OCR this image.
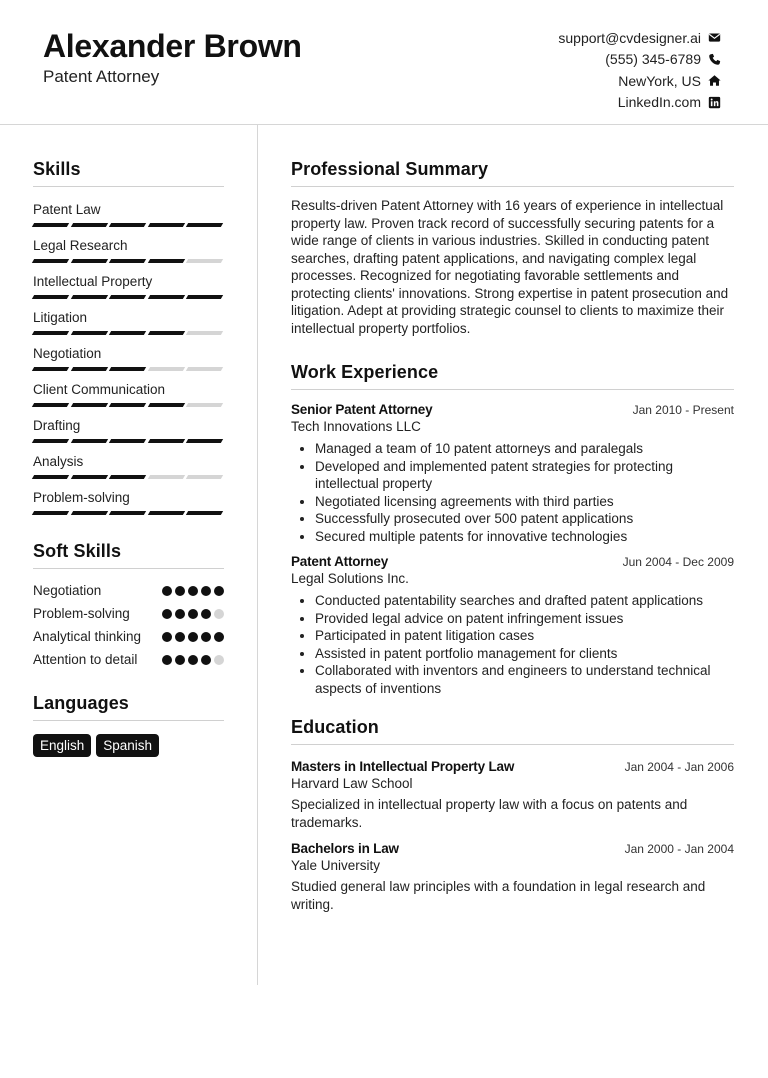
Alexander Brown
Patent Attorney
support@cvdesigner.ai
(555) 345-6789
NewYork, US
LinkedIn.com
Skills
Patent Law
Legal Research
Intellectual Property
Litigation
Negotiation
Client Communication
Drafting
Analysis
Problem-solving
Soft Skills
Negotiation
Problem-solving
Analytical thinking
Attention to detail
Languages
English	Spanish
Professional Summary
Results-driven Patent Attorney with 16 years of experience in intellectual property law. Proven track record of successfully securing patents for a wide range of clients in various industries. Skilled in conducting patent searches, drafting patent applications, and navigating complex legal processes. Recognized for negotiating favorable settlements and protecting clients' innovations. Strong expertise in patent prosecution and litigation. Adept at providing strategic counsel to clients to maximize their intellectual property portfolios.
Work Experience
Senior Patent Attorney	Jan 2010 - Present
Tech Innovations LLC
• Managed a team of 10 patent attorneys and paralegals
• Developed and implemented patent strategies for protecting intellectual property
• Negotiated licensing agreements with third parties
• Successfully prosecuted over 500 patent applications
• Secured multiple patents for innovative technologies
Patent Attorney	Jun 2004 - Dec 2009
Legal Solutions Inc.
• Conducted patentability searches and drafted patent applications
• Provided legal advice on patent infringement issues
• Participated in patent litigation cases
• Assisted in patent portfolio management for clients
• Collaborated with inventors and engineers to understand technical aspects of inventions
Education
Masters in Intellectual Property Law	Jan 2004 - Jan 2006
Harvard Law School
Specialized in intellectual property law with a focus on patents and trademarks.
Bachelors in Law	Jan 2000 - Jan 2004
Yale University
Studied general law principles with a foundation in legal research and writing.
